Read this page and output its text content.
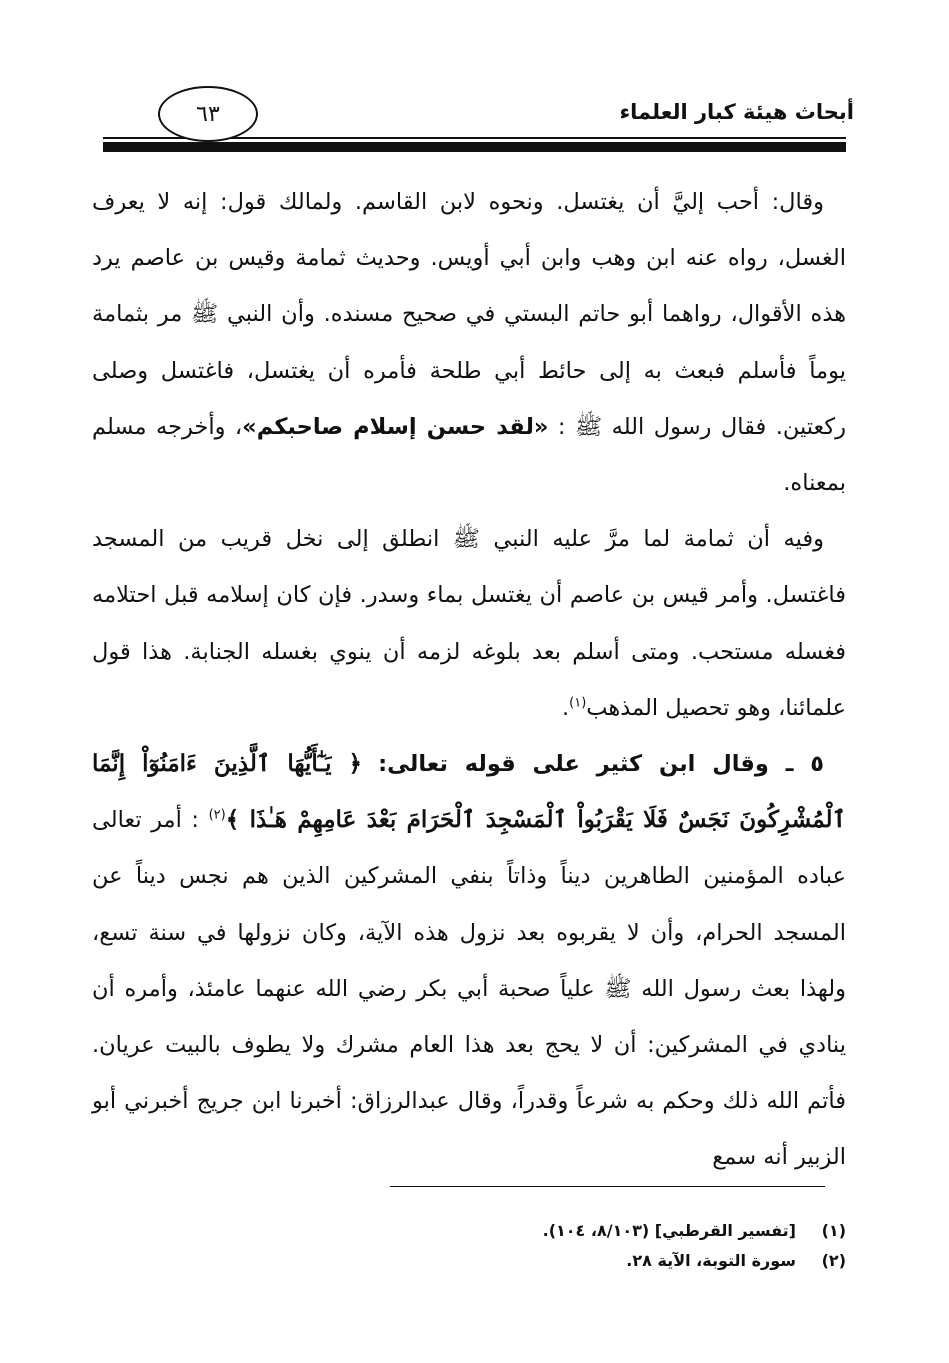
أبحاث هيئة كبار العلماء
٦٣

وقال: أحب إليَّ أن يغتسل. ونحوه لابن القاسم. ولمالك قول: إنه لا يعرف الغسل، رواه عنه ابن وهب وابن أبي أويس. وحديث ثمامة وقيس بن عاصم يرد هذه الأقوال، رواهما أبو حاتم البستي في صحيح مسنده. وأن النبي ﷺ مر بثمامة يوماً فأسلم فبعث به إلى حائط أبي طلحة فأمره أن يغتسل، فاغتسل وصلى ركعتين. فقال رسول الله ﷺ : «لقد حسن إسلام صاحبكم»، وأخرجه مسلم بمعناه.

وفيه أن ثمامة لما مرَّ عليه النبي ﷺ انطلق إلى نخل قريب من المسجد فاغتسل. وأمر قيس بن عاصم أن يغتسل بماء وسدر. فإن كان إسلامه قبل احتلامه فغسله مستحب. ومتى أسلم بعد بلوغه لزمه أن ينوي بغسله الجنابة. هذا قول علمائنا، وهو تحصيل المذهب$^{(١)}$.

٥ ـ وقال ابن كثير على قوله تعالى: ﴿ يَـٰٓأَيُّهَا ٱلَّذِينَ ءَامَنُوٓاْ إِنَّمَا ٱلْمُشْرِكُونَ نَجَسٌ فَلَا يَقْرَبُواْ ٱلْمَسْجِدَ ٱلْحَرَامَ بَعْدَ عَامِهِمْ هَـٰذَا ﴾$^{(٢)}$ : أمر تعالى عباده المؤمنين الطاهرين ديناً وذاتاً بنفي المشركين الذين هم نجس ديناً عن المسجد الحرام، وأن لا يقربوه بعد نزول هذه الآية، وكان نزولها في سنة تسع، ولهذا بعث رسول الله ﷺ علياً صحبة أبي بكر رضي الله عنهما عامئذ، وأمره أن ينادي في المشركين: أن لا يحج بعد هذا العام مشرك ولا يطوف بالبيت عريان. فأتم الله ذلك وحكم به شرعاً وقدراً، وقال عبدالرزاق: أخبرنا ابن جريج أخبرني أبو الزبير أنه سمع

(١)
[تفسير القرطبي] (٨/١٠٣، ١٠٤).
(٢)
سورة التوبة، الآية ٢٨.
